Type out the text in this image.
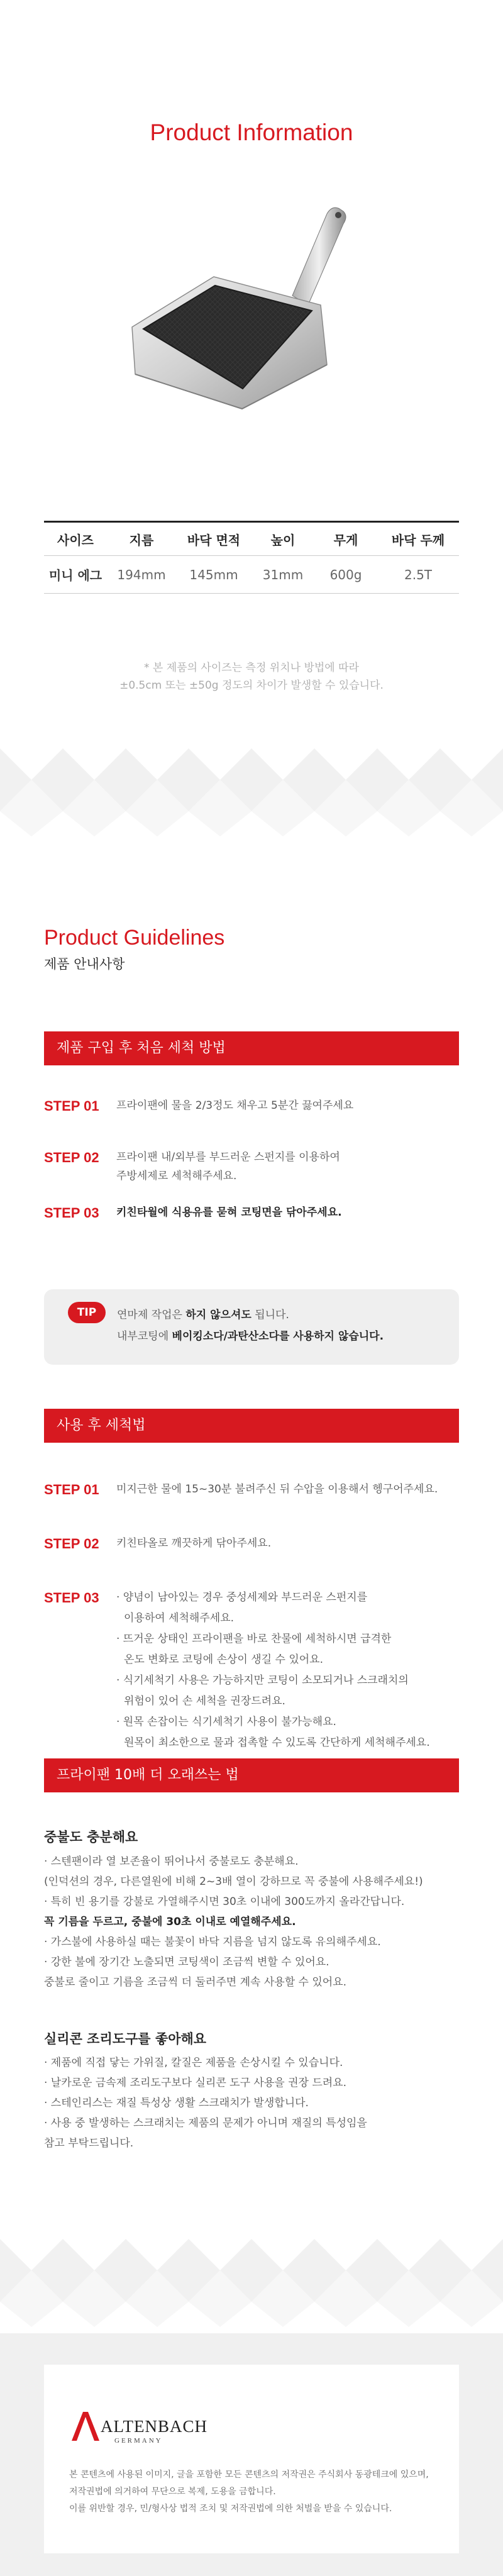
Product Information
사이즈	지름	바닥 면적	높이	무게	바닥 두께
미니 에그	194mm	145mm	31mm	600g	2.5T
* 본 제품의 사이즈는 측정 위치나 방법에 따라
±0.5cm 또는 ±50g 정도의 차이가 발생할 수 있습니다.
Product Guidelines
제품 안내사항
제품 구입 후 처음 세척 방법
STEP 01 프라이팬에 물을 2/3정도 채우고 5분간 끓여주세요
STEP 02 프라이팬 내/외부를 부드러운 스펀지를 이용하여
주방세제로 세척해주세요.
STEP 03 키친타월에 식용유를 묻혀 코팅면을 닦아주세요.
TIP	연마제 작업은 하지 않으셔도 됩니다.
내부코팅에 베이킹소다/과탄산소다를 사용하지 않습니다.
사용 후 세척법
STEP 01 미지근한 물에 15~30분 불려주신 뒤 수압을 이용해서 헹구어주세요.
STEP 02 키친타올로 깨끗하게 닦아주세요.
STEP 03 · 양념이 남아있는 경우 중성세제와 부드러운 스펀지를
이용하여 세척해주세요.
· 뜨거운 상태인 프라이팬을 바로 찬물에 세척하시면 급격한
온도 변화로 코팅에 손상이 생길 수 있어요.
· 식기세척기 사용은 가능하지만 코팅이 소모되거나 스크래치의
위험이 있어 손 세척을 권장드려요.
· 원목 손잡이는 식기세척기 사용이 불가능해요.
원목이 최소한으로 물과 접촉할 수 있도록 간단하게 세척해주세요.
프라이팬 10배 더 오래쓰는 법
중불도 충분해요
· 스텐팬이라 열 보존율이 뛰어나서 중불로도 충분해요.
(인덕션의 경우, 다른열원에 비해 2~3배 열이 강하므로 꼭 중불에 사용해주세요!)
· 특히 빈 용기를 강불로 가열해주시면 30초 이내에 300도까지 올라간답니다.
꼭 기름을 두르고, 중불에 30초 이내로 예열해주세요.
· 가스불에 사용하실 때는 불꽃이 바닥 지름을 넘지 않도록 유의해주세요.
· 강한 불에 장기간 노출되면 코팅색이 조금씩 변할 수 있어요.
중불로 줄이고 기름을 조금씩 더 둘러주면 계속 사용할 수 있어요.
실리콘 조리도구를 좋아해요
· 제품에 직접 닿는 가위질, 칼질은 제품을 손상시킬 수 있습니다.
· 날카로운 금속제 조리도구보다 실리콘 도구 사용을 권장 드려요.
· 스테인리스는 재질 특성상 생활 스크래치가 발생합니다.
· 사용 중 발생하는 스크래치는 제품의 문제가 아니며 재질의 특성임을
참고 부탁드립니다.
ALTENBACH
GERMANY
본 콘텐츠에 사용된 이미지, 글을 포함한 모든 콘텐츠의 저작권은 주식회사 동광테크에 있으며,
저작권법에 의거하여 무단으로 복제, 도용을 금합니다.
이를 위반할 경우, 민/형사상 법적 조치 및 저작권법에 의한 처벌을 받을 수 있습니다.
